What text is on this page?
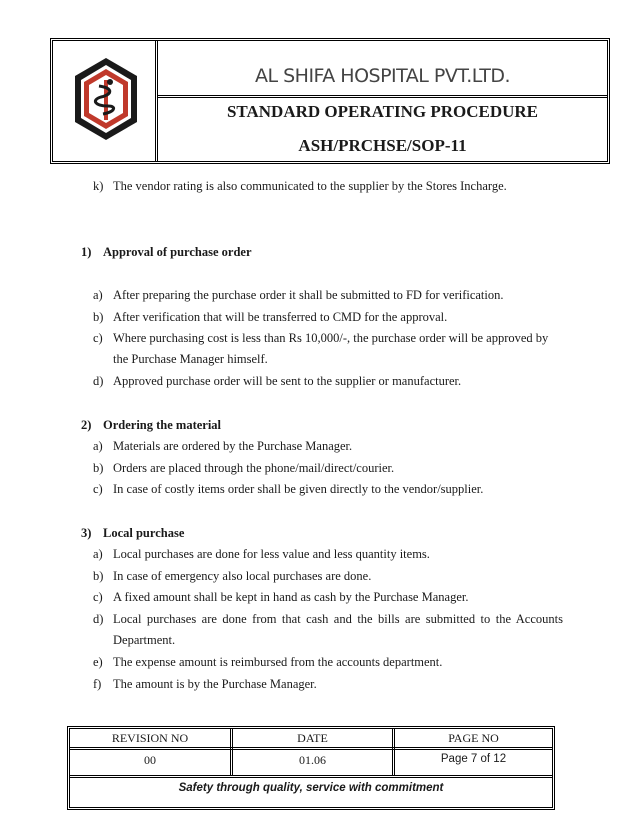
AL SHIFA HOSPITAL PVT.LTD.
STANDARD OPERATING PROCEDURE
ASH/PRCHSE/SOP-11
k) The vendor rating is also communicated to the supplier by the Stores Incharge.
1) Approval of purchase order
a) After preparing the purchase order it shall be submitted to FD for verification.
b) After verification that will be transferred to CMD for the approval.
c) Where purchasing cost is less than Rs 10,000/-, the purchase order will be approved by
the Purchase Manager himself.
d) Approved purchase order will be sent to the supplier or manufacturer.
2) Ordering the material
a) Materials are ordered by the Purchase Manager.
b) Orders are placed through the phone/mail/direct/courier.
c) In case of costly items order shall be given directly to the vendor/supplier.
3) Local purchase
a) Local purchases are done for less value and less quantity items.
b) In case of emergency also local purchases are done.
c) A fixed amount shall be kept in hand as cash by the Purchase Manager.
d) Local purchases are done from that cash and the bills are submitted to the Accounts
Department.
e) The expense amount is reimbursed from the accounts department.
f) The amount is by the Purchase Manager.
REVISION NO	DATE	PAGE NO
00	01.06	Page 7 of 12
Safety through quality, service with commitment
